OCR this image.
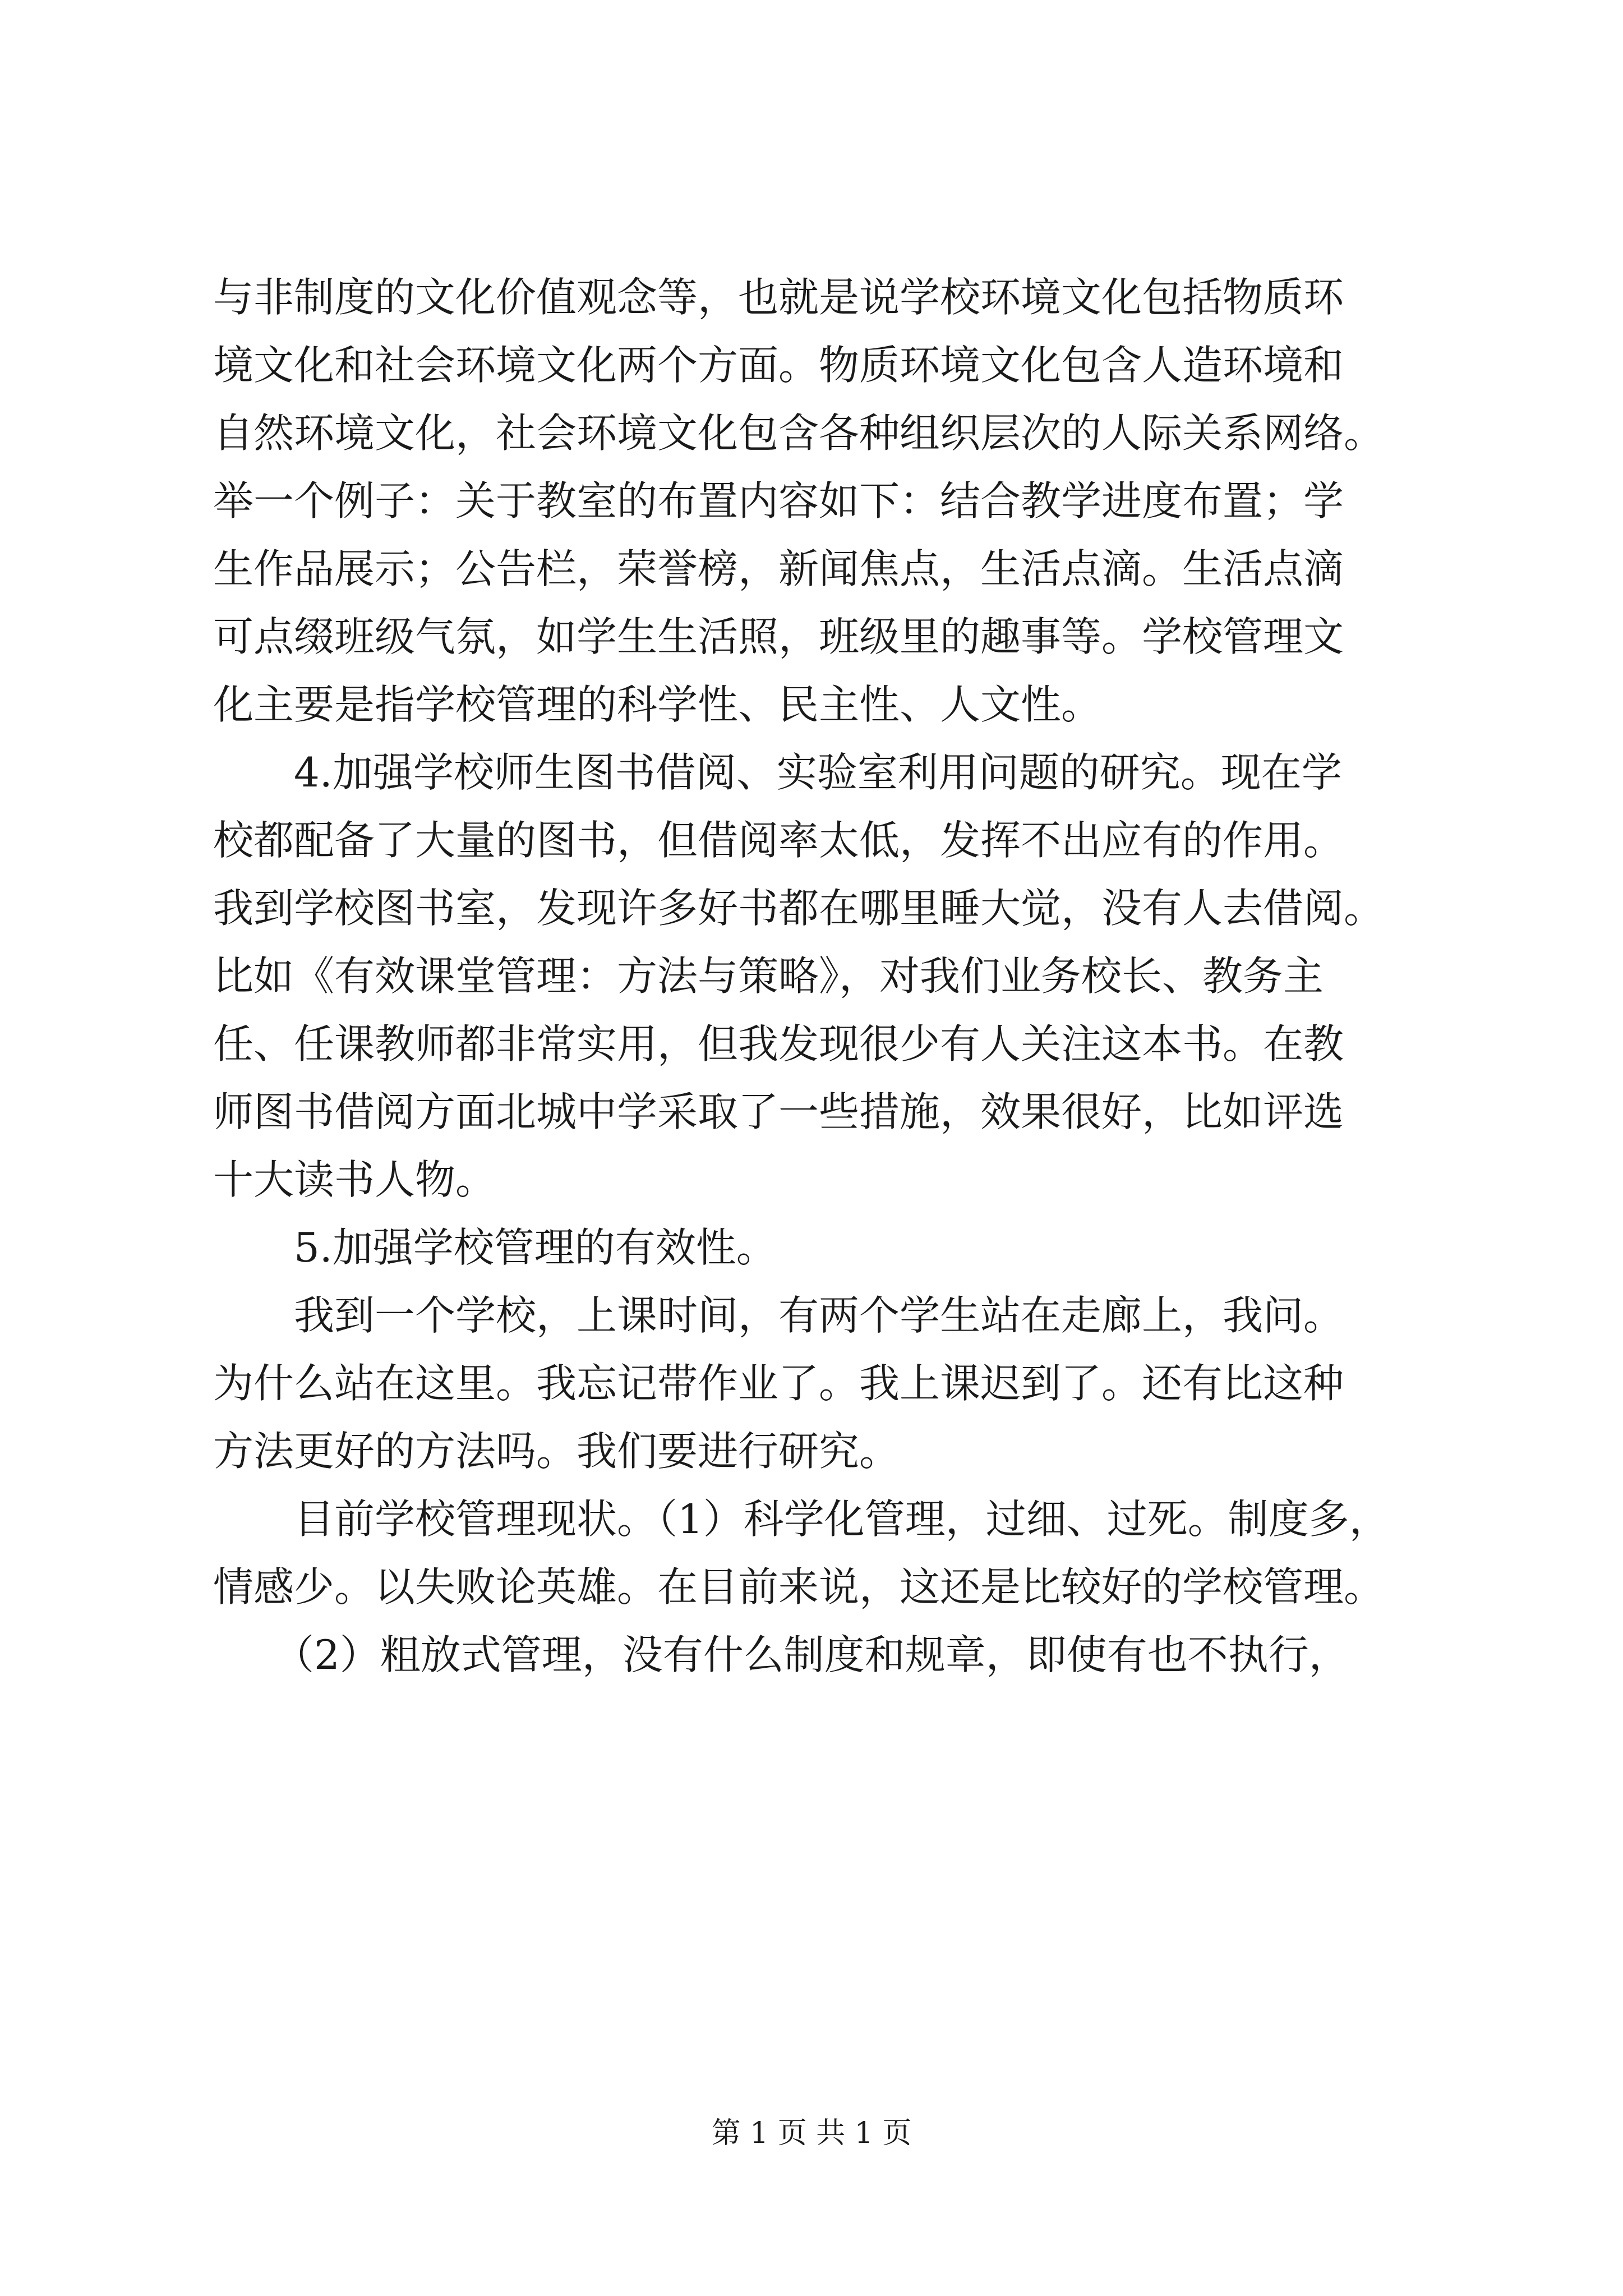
与非制度的文化价值观念等，也就是说学校环境文化包括物质环
境文化和社会环境文化两个方面。物质环境文化包含人造环境和
自然环境文化，社会环境文化包含各种组织层次的人际关系网络。
举一个例子：关于教室的布置内容如下：结合教学进度布置；学
生作品展示；公告栏，荣誉榜，新闻焦点，生活点滴。生活点滴
可点缀班级气氛，如学生生活照，班级里的趣事等。学校管理文
化主要是指学校管理的科学性、民主性、人文性。
　　4.加强学校师生图书借阅、实验室利用问题的研究。现在学
校都配备了大量的图书，但借阅率太低，发挥不出应有的作用。
我到学校图书室，发现许多好书都在哪里睡大觉，没有人去借阅。
比如《有效课堂管理：方法与策略》，对我们业务校长、教务主
任、任课教师都非常实用，但我发现很少有人关注这本书。在教
师图书借阅方面北城中学采取了一些措施，效果很好，比如评选
十大读书人物。
　　5.加强学校管理的有效性。
　　我到一个学校，上课时间，有两个学生站在走廊上，我问。
为什么站在这里。我忘记带作业了。我上课迟到了。还有比这种
方法更好的方法吗。我们要进行研究。
　　目前学校管理现状。（1）科学化管理，过细、过死。制度多，
情感少。以失败论英雄。在目前来说，这还是比较好的学校管理。
　　（2）粗放式管理，没有什么制度和规章，即使有也不执行，
第 1 页 共 1 页
